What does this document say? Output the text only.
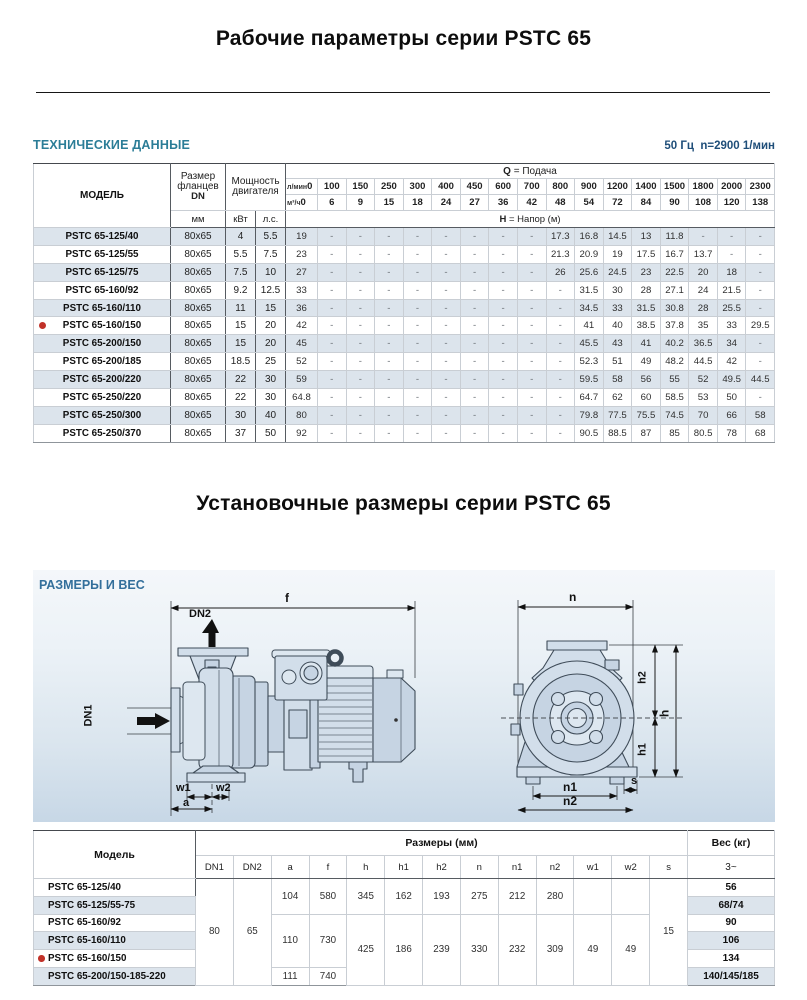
Рабочие параметры серии PSTC 65
ТЕХНИЧЕСКИЕ ДАННЫЕ	50 Гц  n=2900 1/мин
МОДЕЛЬ	Размер фланцев
DN	Мощность двигателя		Q = Подача																
				л/мин0	100	150	250	300	400	450	600	700	800	900	1200	1400	1500	1800	2000	2300
				м³/ч0	6	9	15	18	24	27	36	42	48	54	72	84	90	108	120	138
	мм	кВт	л.с.	Н = Напор (м)																
PSTC 65-125/40	80x65	4	5.5	19	-	-	-	-	-	-	-	-	17.3	16.8	14.5	13	11.8	-	-	-
PSTC 65-125/55	80x65	5.5	7.5	23	-	-	-	-	-	-	-	-	21.3	20.9	19	17.5	16.7	13.7	-	-
PSTC 65-125/75	80x65	7.5	10	27	-	-	-	-	-	-	-	-	26	25.6	24.5	23	22.5	20	18	-
PSTC 65-160/92	80x65	9.2	12.5	33	-	-	-	-	-	-	-	-	-	31.5	30	28	27.1	24	21.5	-
PSTC 65-160/110	80x65	11	15	36	-	-	-	-	-	-	-	-	-	34.5	33	31.5	30.8	28	25.5	-

PSTC 65-160/150	80x65	15	20	42	-	-	-	-	-	-	-	-	-	41	40	38.5	37.8	35	33	29.5
PSTC 65-200/150	80x65	15	20	45	-	-	-	-	-	-	-	-	-	45.5	43	41	40.2	36.5	34	-
PSTC 65-200/185	80x65	18.5	25	52	-	-	-	-	-	-	-	-	-	52.3	51	49	48.2	44.5	42	-
PSTC 65-200/220	80x65	22	30	59	-	-	-	-	-	-	-	-	-	59.5	58	56	55	52	49.5	44.5
PSTC 65-250/220	80x65	22	30	64.8	-	-	-	-	-	-	-	-	-	64.7	62	60	58.5	53	50	-
PSTC 65-250/300	80x65	30	40	80	-	-	-	-	-	-	-	-	-	79.8	77.5	75.5	74.5	70	66	58
PSTC 65-250/370	80x65	37	50	92	-	-	-	-	-	-	-	-	-	90.5	88.5	87	85	80.5	78	68
Установочные размеры серии PSTC 65
РАЗМЕРЫ И ВЕС
f
DN2
DN1
w1 w2
a
n
h2
h
h1
n1
n2
s
Модель	Размеры (мм)													Вес (кг)
	DN1	DN2	a	f	h	h1	h2	n	n1	n2	w1	w2	s	3~
PSTC 65-125/40	80	65	104	580	345	162	193	275	212	280			15	56
PSTC 65-125/55-75														68/74
PSTC 65-160/92			110	730	425	186	239	330	232	309	49	49		90
PSTC 65-160/110														106

PSTC 65-160/150														134
PSTC 65-200/150-185-220			111	740										140/145/185
